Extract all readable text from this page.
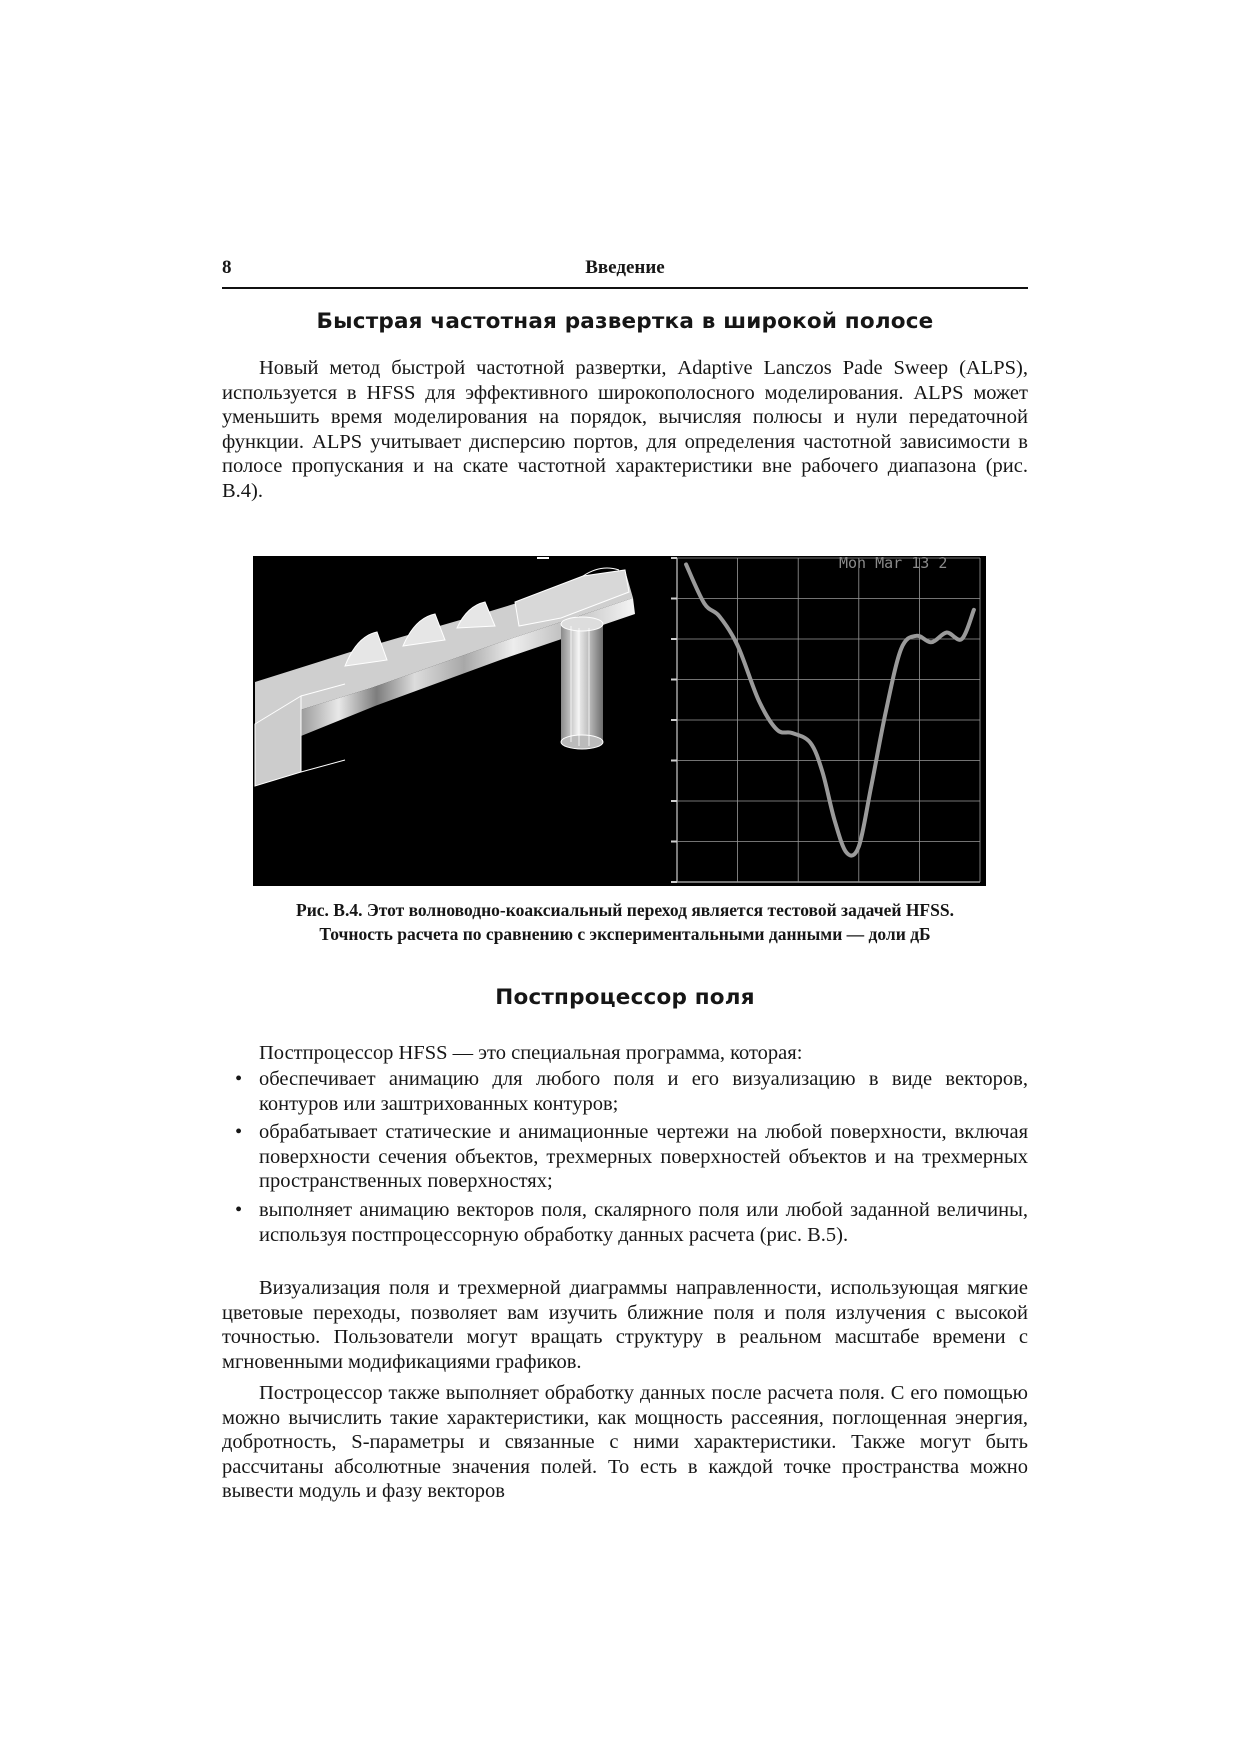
8	Введение
Быстрая частотная развертка в широкой полосе

Новый метод быстрой частотной развертки, Adaptive Lanczos Pade Sweep (ALPS), используется в HFSS для эффективного широкополосного моделирования. ALPS может уменьшить время моделирования на порядок, вычисляя полюсы и нули передаточной функции. ALPS учитывает дисперсию портов, для определения частотной зависимости в полосе пропускания и на скате частотной характеристики вне рабочего диапазона (рис. В.4).

Mon Mar 13 2
Рис. В.4. Этот волноводно-коаксиальный переход является тестовой задачей HFSS.
Точность расчета по сравнению с экспериментальными данными — доли дБ
Постпроцессор поля

Постпроцессор HFSS — это специальная программа, которая:

• обеспечивает анимацию для любого поля и его визуализацию в виде векторов, контуров или заштрихованных контуров;
• обрабатывает статические и анимационные чертежи на любой поверхности, включая поверхности сечения объектов, трехмерных поверхностей объектов и на трехмерных пространственных поверхностях;
• выполняет анимацию векторов поля, скалярного поля или любой заданной величины, используя постпроцессорную обработку данных расчета (рис. В.5).

Визуализация поля и трехмерной диаграммы направленности, использующая мягкие цветовые переходы, позволяет вам изучить ближние поля и поля излучения с высокой точностью. Пользователи могут вращать структуру в реальном масштабе времени с мгновенными модификациями графиков.

Построцессор также выполняет обработку данных после расчета поля. С его помощью можно вычислить такие характеристики, как мощность рассеяния, поглощенная энергия, добротность, S-параметры и связанные с ними характеристики. Также могут быть рассчитаны абсолютные значения полей. То есть в каждой точке пространства можно вывести модуль и фазу векторов
